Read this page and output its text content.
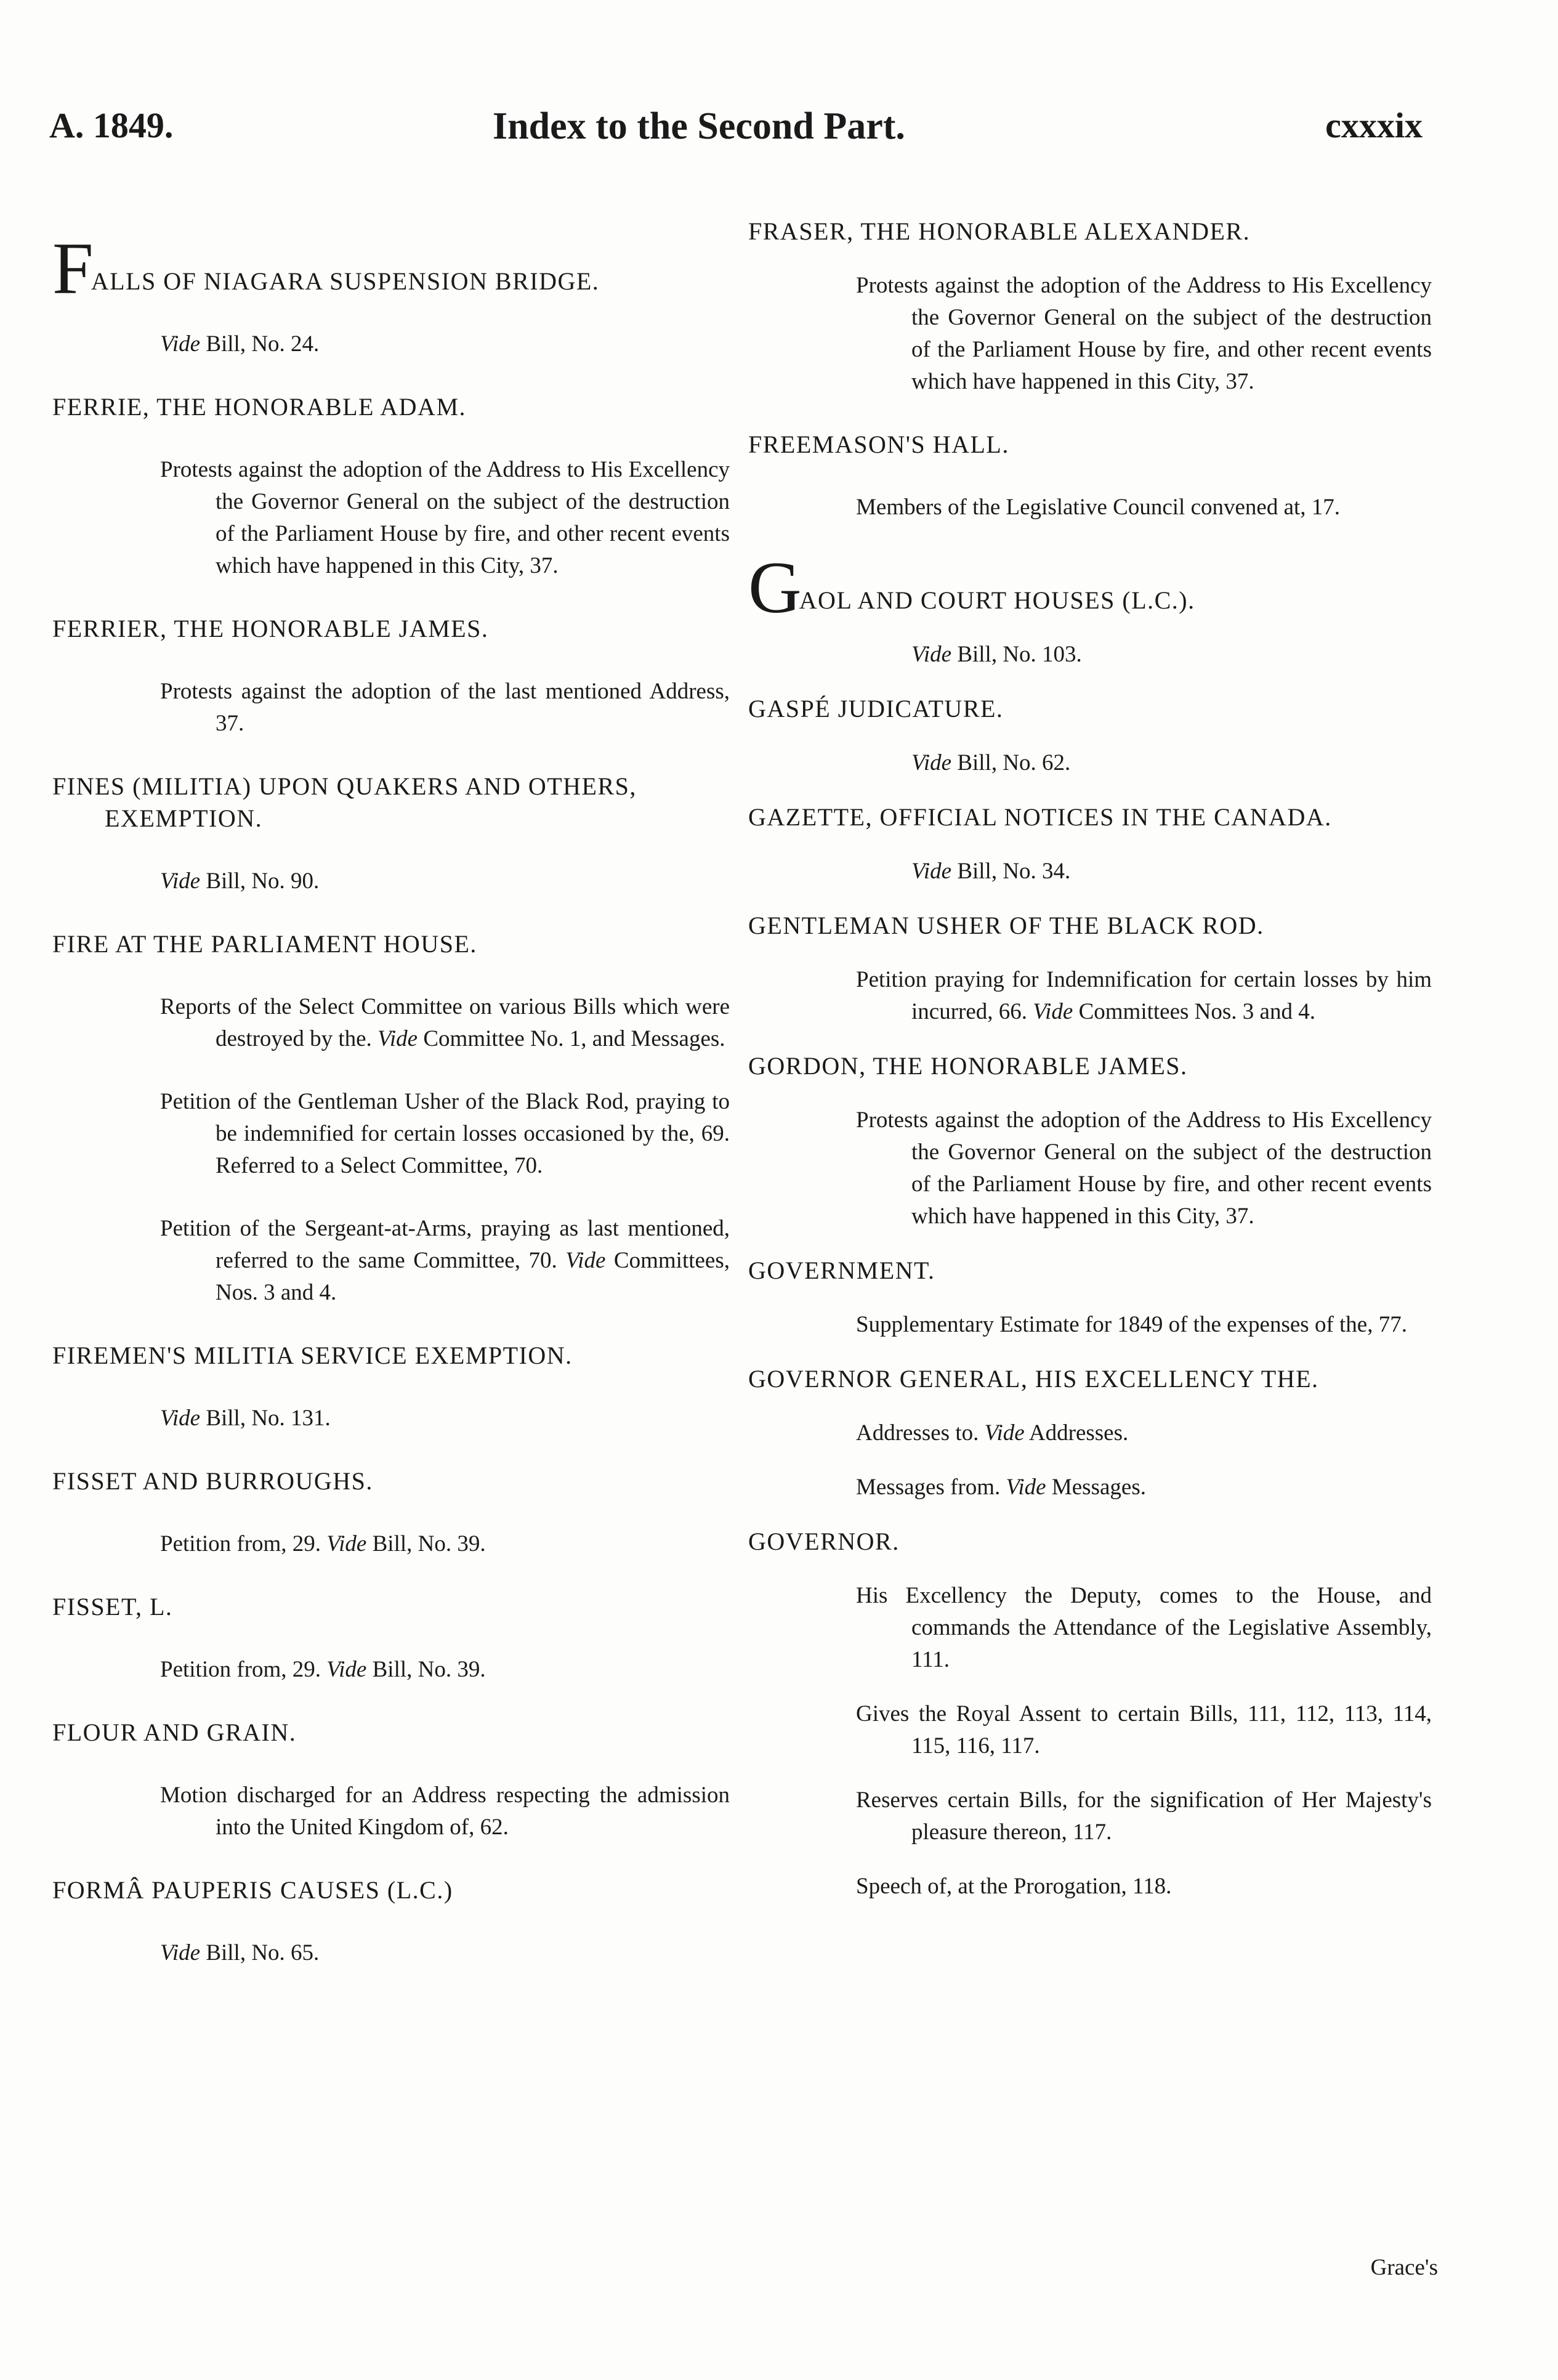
A. 1849.	Index to the Second Part.	cxxxix

FALLS OF NIAGARA SUSPENSION BRIDGE.

Vide Bill, No. 24.

FERRIE, THE HONORABLE ADAM.

Protests against the adoption of the Address to His Excellency the Governor General on the subject of the destruction of the Parliament House by fire, and other recent events which have happened in this City, 37.

FERRIER, THE HONORABLE JAMES.

Protests against the adoption of the last mentioned Address, 37.

FINES (MILITIA) UPON QUAKERS AND OTHERS, EXEMPTION.

Vide Bill, No. 90.

FIRE AT THE PARLIAMENT HOUSE.

Reports of the Select Committee on various Bills which were destroyed by the. Vide Committee No. 1, and Messages.

Petition of the Gentleman Usher of the Black Rod, praying to be indemnified for certain losses occasioned by the, 69. Referred to a Select Committee, 70.

Petition of the Sergeant-at-Arms, praying as last mentioned, referred to the same Committee, 70. Vide Committees, Nos. 3 and 4.

FIREMEN'S MILITIA SERVICE EXEMPTION.

Vide Bill, No. 131.

FISSET AND BURROUGHS.

Petition from, 29. Vide Bill, No. 39.

FISSET, L.

Petition from, 29. Vide Bill, No. 39.

FLOUR AND GRAIN.

Motion discharged for an Address respecting the admission into the United Kingdom of, 62.

FORMÂ PAUPERIS CAUSES (L.C.)

Vide Bill, No. 65.

FRASER, THE HONORABLE ALEXANDER.

Protests against the adoption of the Address to His Excellency the Governor General on the subject of the destruction of the Parliament House by fire, and other recent events which have happened in this City, 37.

FREEMASON'S HALL.

Members of the Legislative Council convened at, 17.

GAOL AND COURT HOUSES (L.C.).

Vide Bill, No. 103.

GASPÉ JUDICATURE.

Vide Bill, No. 62.

GAZETTE, OFFICIAL NOTICES IN THE CANADA.

Vide Bill, No. 34.

GENTLEMAN USHER OF THE BLACK ROD.

Petition praying for Indemnification for certain losses by him incurred, 66. Vide Committees Nos. 3 and 4.

GORDON, THE HONORABLE JAMES.

Protests against the adoption of the Address to His Excellency the Governor General on the subject of the destruction of the Parliament House by fire, and other recent events which have happened in this City, 37.

GOVERNMENT.

Supplementary Estimate for 1849 of the expenses of the, 77.

GOVERNOR GENERAL, HIS EXCELLENCY THE.

Addresses to. Vide Addresses.

Messages from. Vide Messages.

GOVERNOR.

His Excellency the Deputy, comes to the House, and commands the Attendance of the Legislative Assembly, 111.

Gives the Royal Assent to certain Bills, 111, 112, 113, 114, 115, 116, 117.

Reserves certain Bills, for the signification of Her Majesty's pleasure thereon, 117.

Speech of, at the Prorogation, 118.

Grace's
